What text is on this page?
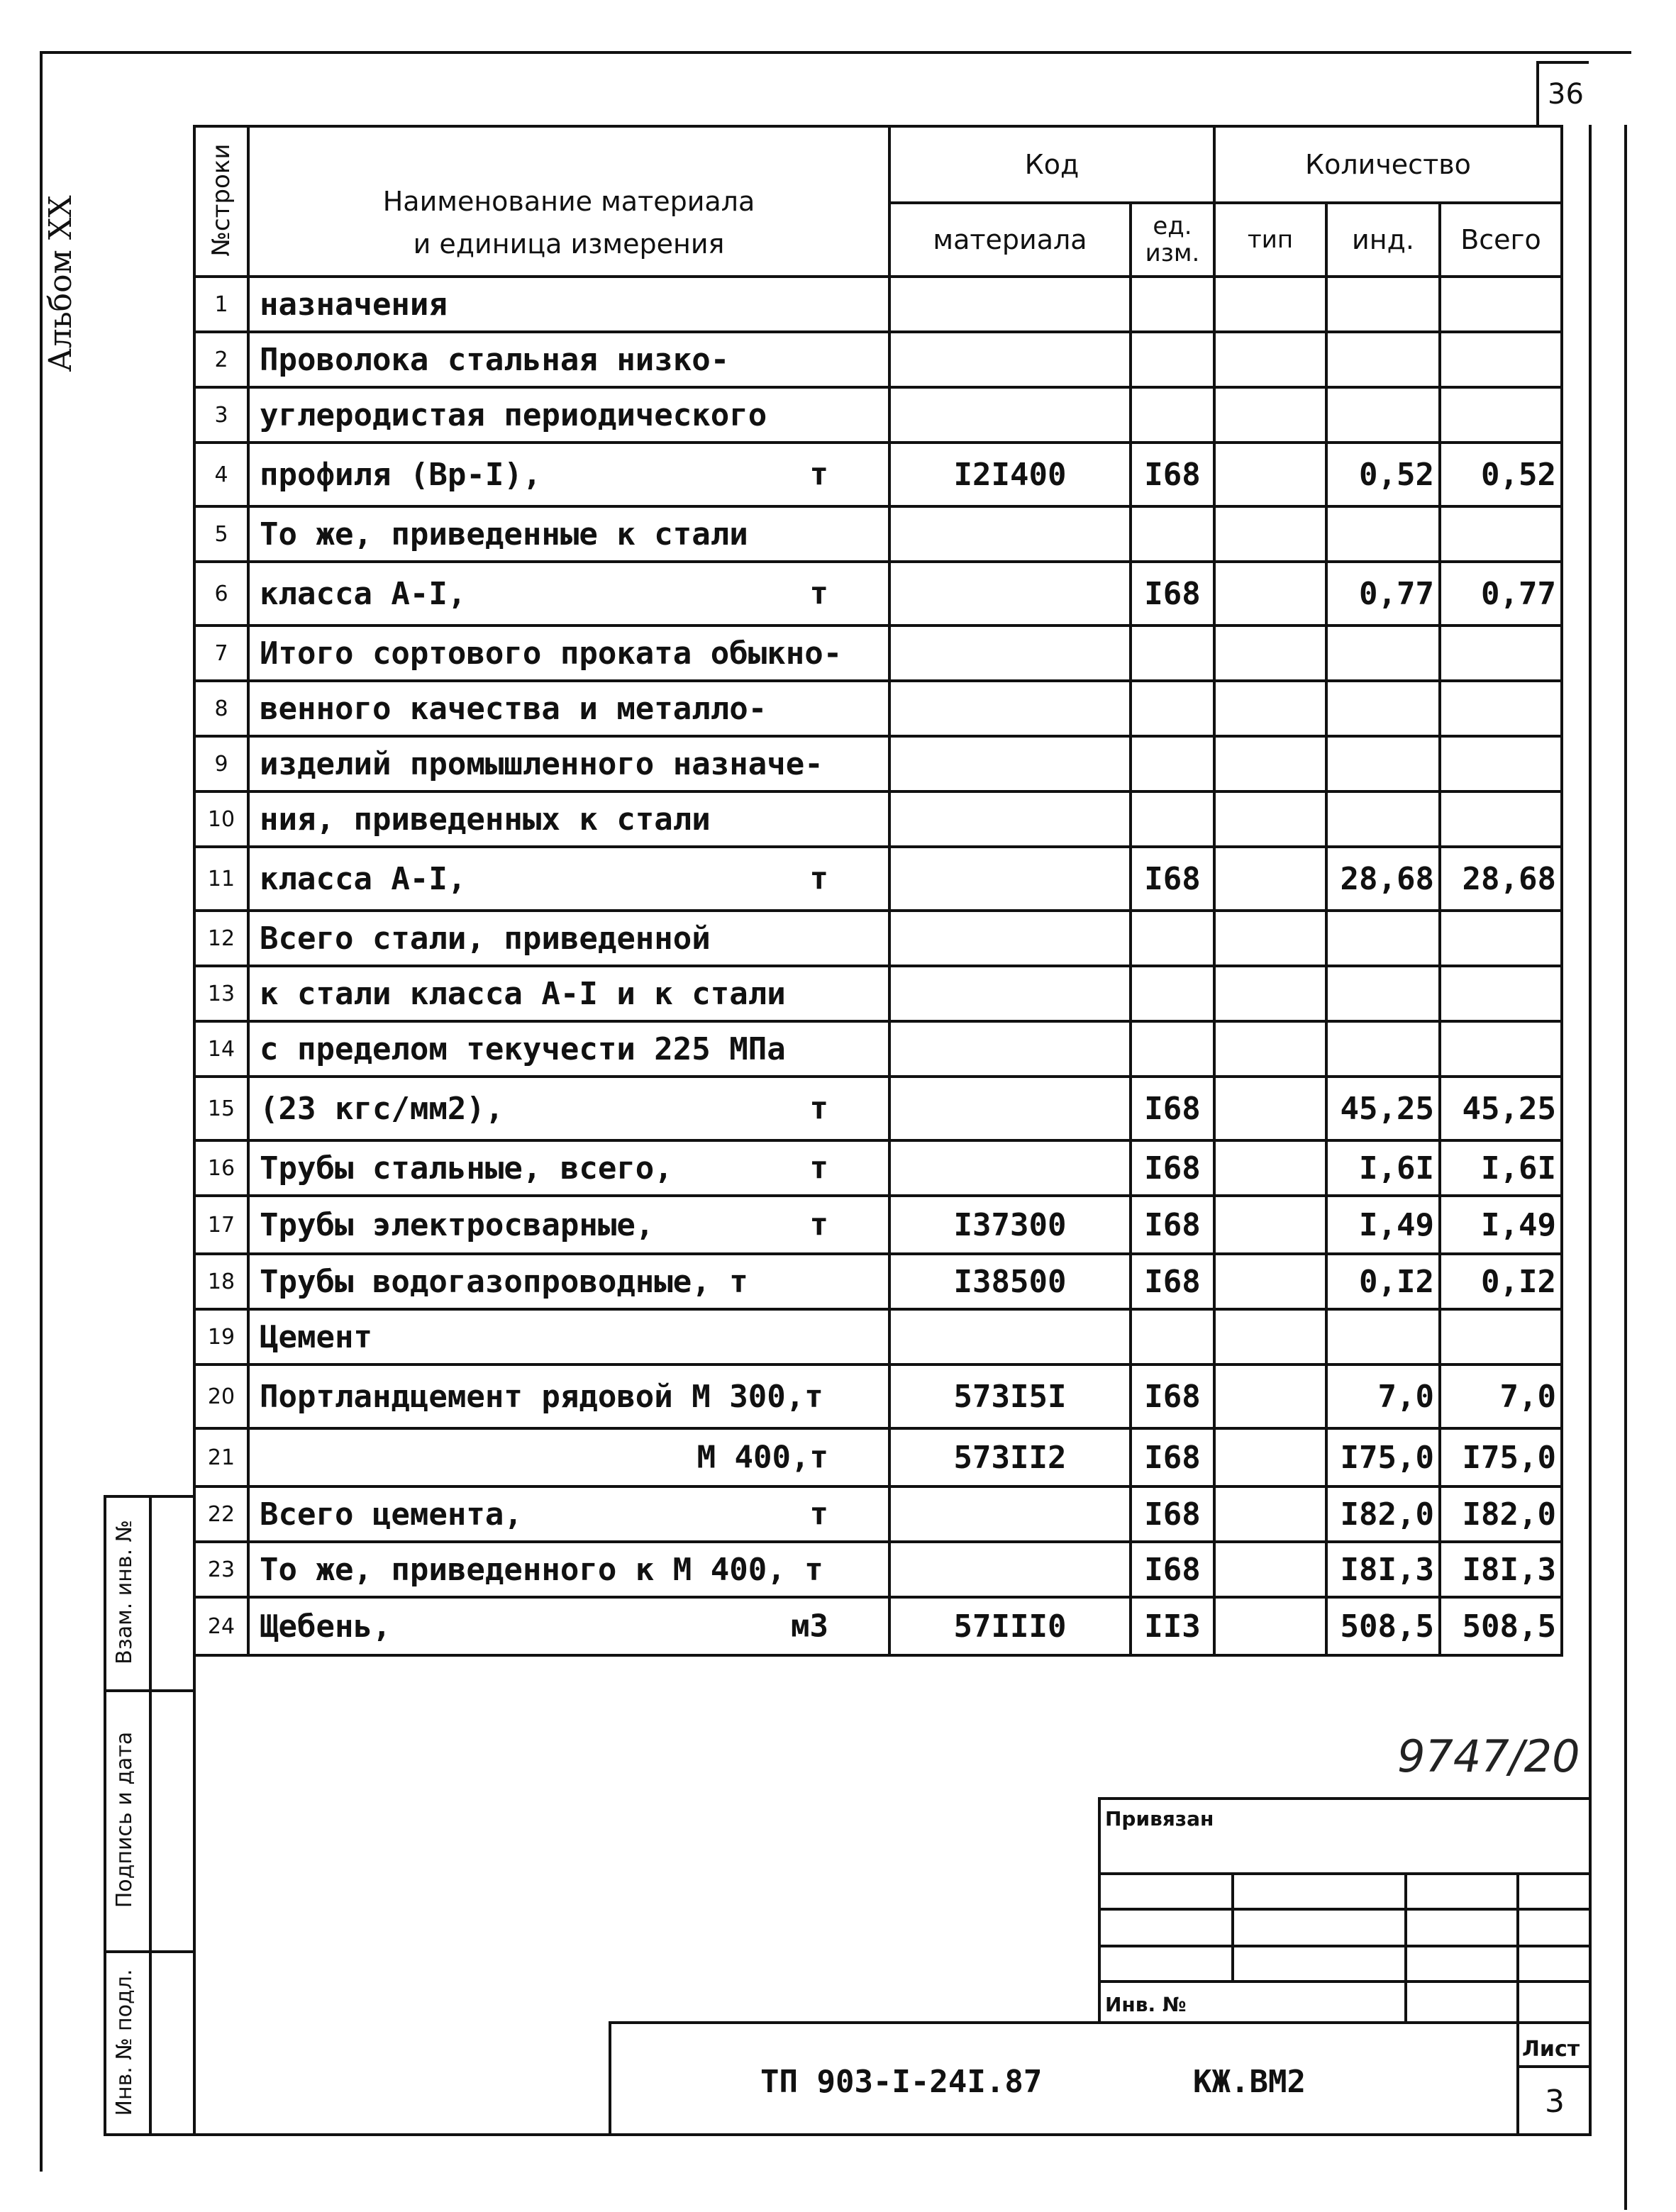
36
Альбом XX	№строки	Наименование материала
и единица измерения	Код		Количество		
		материала	ед.
изм.	тип	инд.	Всего
1	назначения

2	Проволока стальная низко-

3	углеродистая периодического

4	профиля (Вр-I), т	I2I400	I68		0,52	0,52
5	То же, приведенные к стали

6	класса А-I, т		I68		0,77	0,77
7	Итого сортового проката обыкно-

8	венного качества и металло-

9	изделий промышленного назначе-

10	ния, приведенных к стали

11	класса А-I, т		I68		28,68	28,68
12	Всего стали, приведенной

13	к стали класса А-I и к стали

14	с пределом текучести 225 МПа

15	(23 кгс/мм2), т		I68		45,25	45,25
16	Трубы стальные, всего, т		I68		I,6I	I,6I
17	Трубы электросварные, т	I37300	I68		I,49	I,49
18	Трубы водогазопроводные, т	I38500	I68		0,I2	0,I2
19	Цемент

20	Портландцемент рядовой М 300,т	573I5I	I68		7,0	7,0
21	М 400,т	573II2	I68		I75,0	I75,0
22	Всего цемента, т		I68		I82,0	I82,0
23	То же, приведенного к М 400, т		I68		I8I,3	I8I,3
24	Щебень, м3	57III0	II3		508,5	508,5
Взам. инв. №
Подпись и дата
Инв. № подл.
9747/20
Привязан
Инв. №
ТП 903-I-24I.87	КЖ.ВМ2
Лист
3
